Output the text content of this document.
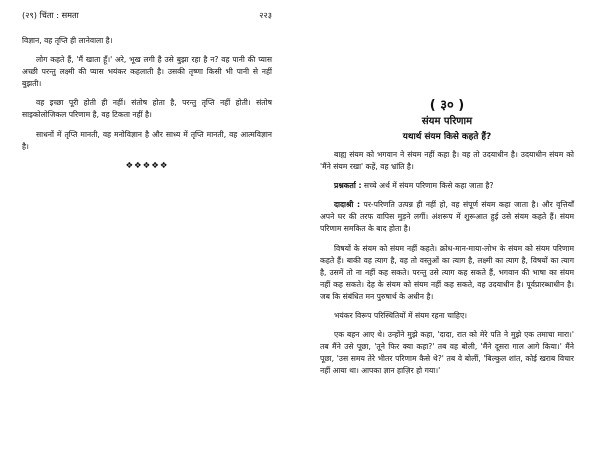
(२९) चिंता : समता	२२३

विज्ञान, वह तृप्ति ही लानेवाला है।

लोग कहते हैं, 'मैं खाता हूँ।' अरे, भूख लगी है उसे बुझा रहा है न? वह पानी की प्यास अच्छी परन्तु लक्ष्मी की प्यास भयंकर कहलाती है। उसकी तृष्णा किसी भी पानी से नहीं बुझती।

वह इच्छा पूरी होती ही नहीं। संतोष होता है, परन्तु तृप्ति नहीं होती। संतोष साइकोलोजिकल परिणाम है, वह टिकता नहीं है।

साधनों में तृप्ति मानती, वह मनोविज्ञान है और साध्य में तृप्ति मानती, वह आत्मविज्ञान है।

❖❖❖❖❖
( ३० )
संयम परिणाम
यथार्थ संयम किसे कहते हैं?

बाह्य संयम को भगवान ने संयम नहीं कहा है। वह तो उदयाधीन है। उदयाधीन संयम को 'मैंने संयम रखा' कहें, वह भ्रांति है।

प्रश्नकर्ता : सच्चे अर्थ में संयम परिणाम किसे कहा जाता है?

दादाश्री : पर-परिणति उत्पन्न ही नहीं हो, वह संपूर्ण संयम कहा जाता है। और वृत्तियाँ अपने घर की तरफ वापिस मुड़ने लगीं। अंशरूप में शुरूआत हुई उसे संयम कहते हैं। संयम परिणाम समकित के बाद होता है।

विषयों के संयम को संयम नहीं कहते। क्रोध-मान-माया-लोभ के संयम को संयम परिणाम कहते हैं। बाकी वह त्याग है, वह तो वस्तुओं का त्याग है, लक्ष्मी का त्याग है, विषयों का त्याग है, उसमें तो ना नहीं कह सकते। परन्तु उसे त्याग कह सकते हैं, भगवान की भाषा का संयम नहीं कह सकते। देह के संयम को संयम नहीं कह सकते, वह उदयाधीन है। पूर्वप्रारब्धाधीन है। जब कि संबंधित मन पुरुषार्थ के अधीन है।

भयंकर विरूप परिस्थितियों में संयम रहना चाहिए।

एक बहन आए थे। उन्होंने मुझे कहा, 'दादा, रात को मेरे पति ने मुझे एक तमाचा मारा।' तब मैंने उसे पूछा, 'तूने फिर क्या कहा?' तब वह बोली, 'मैंने दूसरा गाल आगे किया।' मैंने पूछा, 'उस समय तेरे भीतर परिणाम कैसे थे?' तब वे बोलीं, 'बिल्कुल शांत, कोई खराब विचार नहीं आया था। आपका ज्ञान हाज़िर हो गया।'
